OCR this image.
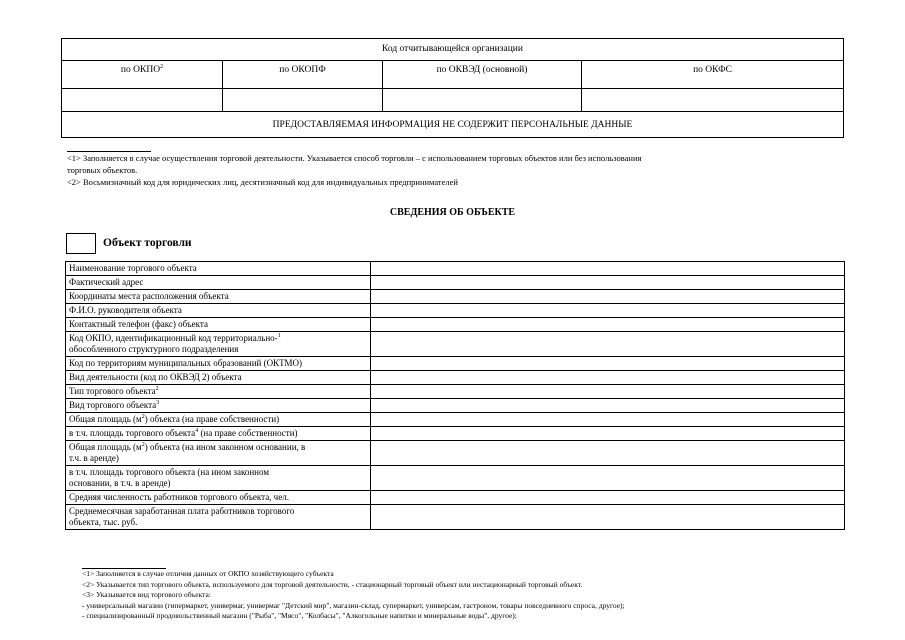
Код отчитывающейся организации
по ОКПО$^2$	по ОКОПФ	по ОКВЭД (основной)	по ОКФС
ПРЕДОСТАВЛЯЕМАЯ ИНФОРМАЦИЯ НЕ СОДЕРЖИТ ПЕРСОНАЛЬНЫЕ ДАННЫЕ
<1> Заполняется в случае осуществления торговой деятельности. Указывается способ торговли – с использованием торговых объектов или без использования
торговых объектов.
<2> Восьмизначный код для юридических лиц, десятизначный код для индивидуальных предпринимателей
СВЕДЕНИЯ ОБ ОБЪЕКТЕ
Объект торговли
Наименование торгового объекта	
Фактический адрес	
Координаты места расположения объекта	
Ф.И.О. руководителя объекта	
Контактный телефон (факс) объекта	
Код ОКПО, идентификационный код территориально-$^1$
обособленного структурного подразделения	
Код по территориям муниципальных образований (ОКТМО)	
Вид деятельности (код по ОКВЭД 2) объекта	
Тип торгового объекта$^2$	
Вид торгового объекта$^3$	
Общая площадь $(м^2)$ объекта (на праве собственности)	
в т.ч. площадь торгового объекта$^4$ (на праве собственности)	
Общая площадь $(м^2)$ объекта (на ином законном основании, в
т.ч. в аренде)	
в т.ч. площадь торгового объекта (на ином законном
основании, в т.ч. в аренде)	
Средняя численность работников торгового объекта, чел.	
Среднемесячная заработанная плата работников торгового
объекта, тыс. руб.	
<1> Заполняется в случае отличия данных от ОКПО хозяйствующего субъекта
<2> Указывается тип торгового объекта, используемого для торговой деятельности, - стационарный торговый объект или нестационарный торговый объект.
<3> Указывается вид торгового объекта:
- универсальный магазин (гипермаркет, универмаг, универмаг "Детский мир", магазин-склад, супермаркет, универсам, гастроном, товары повседневного спроса, другое);
- специализированный продовольственный магазин ("Рыба", "Мясо", "Колбасы", "Алкогольные напитки и минеральные воды", другое);
